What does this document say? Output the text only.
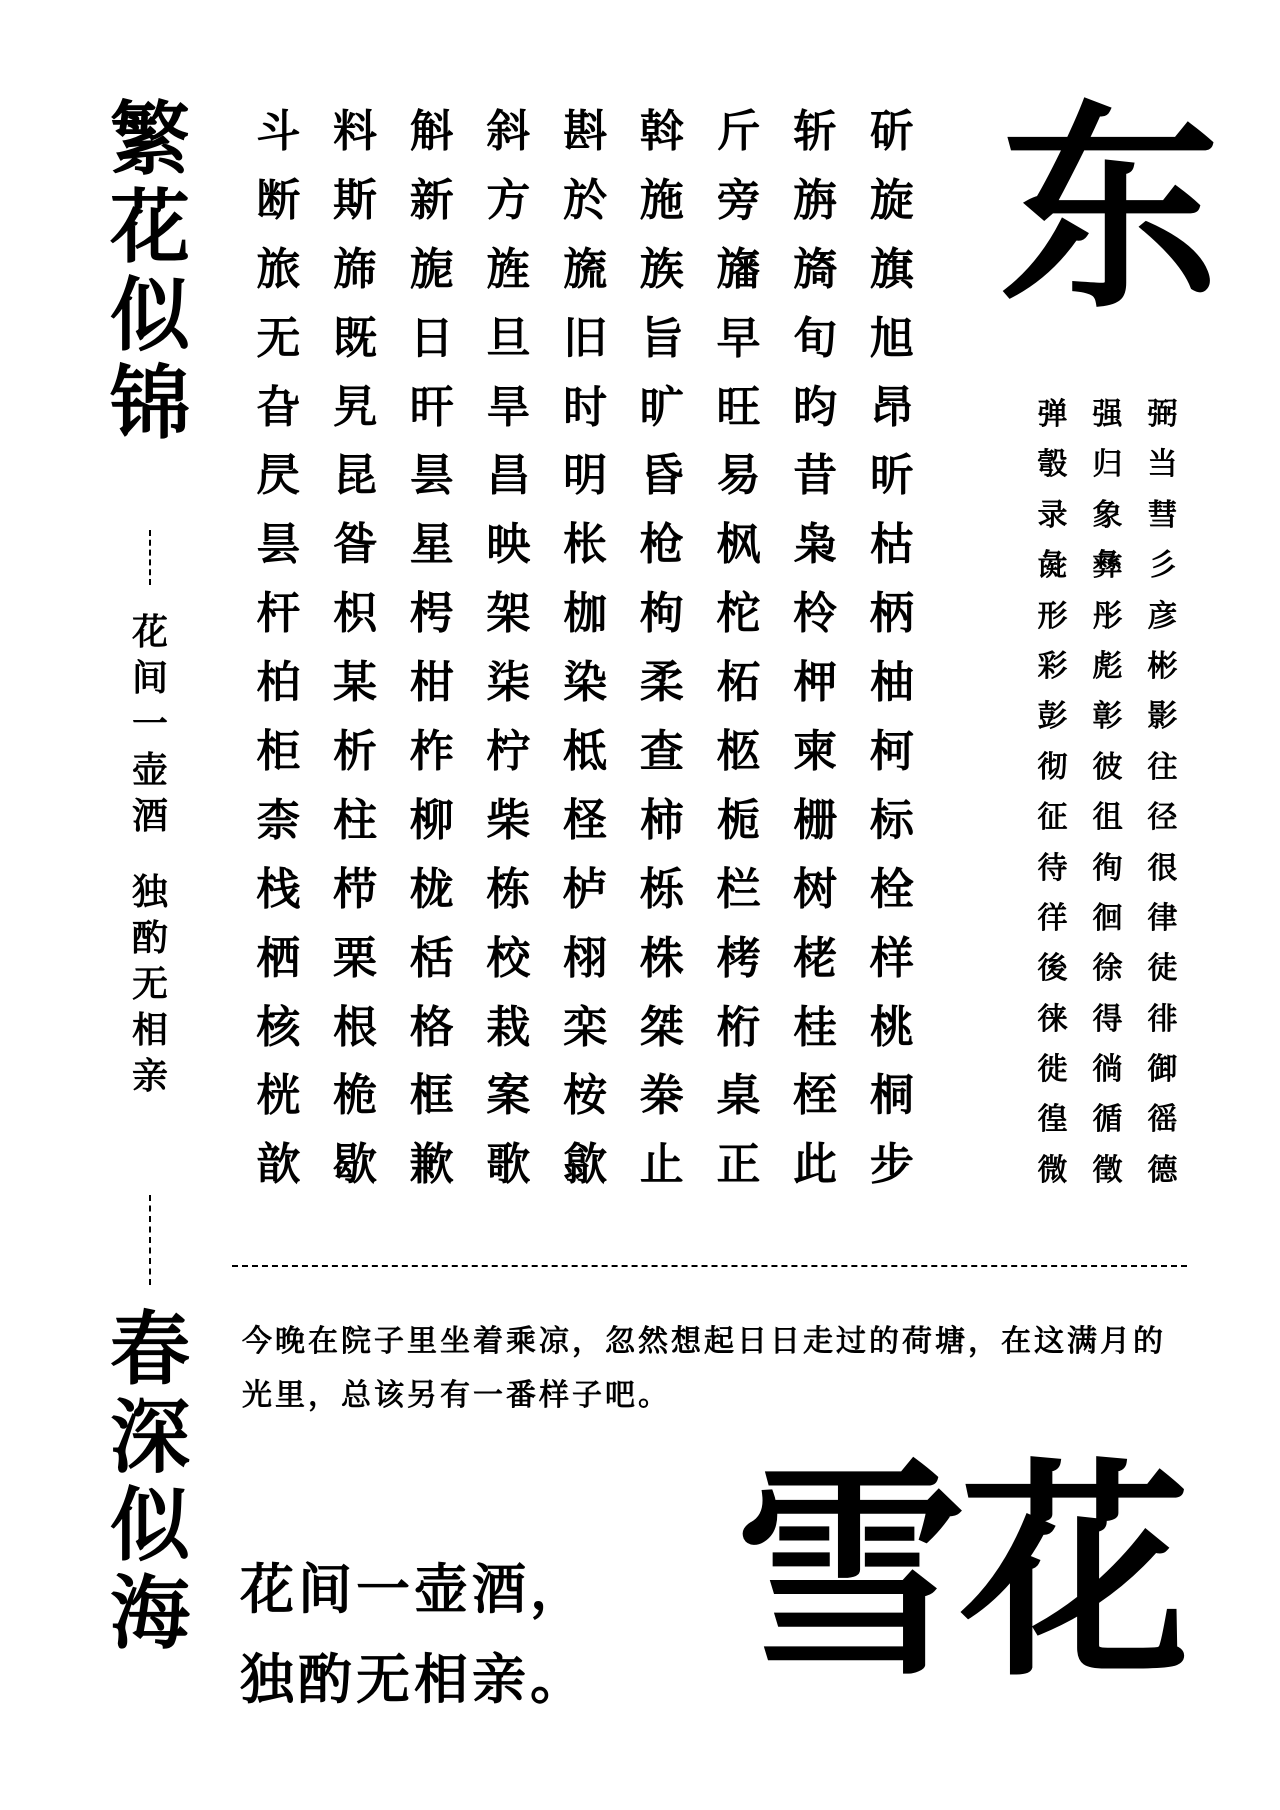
繁
花
似
锦
花
间
一
壶
酒
独
酌
无
相
亲
春
深
似
海
斗 料 斛 斜 斟 斡 斤 斩 斫
断 斯 新 方 於 施 旁 旃 旋
旅 旆 旎 旌 旒 族 旛 旖 旗
无 既 日 旦 旧 旨 早 旬 旭
旮 旯 旰 旱 时 旷 旺 昀 昂
昃 昆 昙 昌 明 昏 易 昔 昕
昙 昝 星 映 枨 枪 枫 枭 枯
杆 枳 枵 架 枷 枸 柁 柃 柄
柏 某 柑 柒 染 柔 柘 柙 柚
柜 析 柞 柠 柢 查 柩 柬 柯
柰 柱 柳 柴 柽 柿 栀 栅 标
栈 栉 栊 栋 栌 栎 栏 树 栓
栖 栗 栝 校 栩 株 栲 栳 样
核 根 格 栽 栾 桀 桁 桂 桃
桄 桅 框 案 桉 桊 桌 桎 桐
歆 歇 歉 歌 歙 止 正 此 步
东
弹 强 弼
彀 归 当
录 象 彗
彘 彝 彡
形 彤 彦
彩 彪 彬
彭 彰 影
彻 彼 往
征 徂 径
待 徇 很
徉 徊 律
後 徐 徒
徕 得 徘
徙 徜 御
徨 循 徭
微 徵 德
今晚在院子里坐着乘凉，忽然想起日日走过的荷塘，在这满月的光里，总该另有一番样子吧。
花间一壶酒，
独酌无相亲。 雪花
